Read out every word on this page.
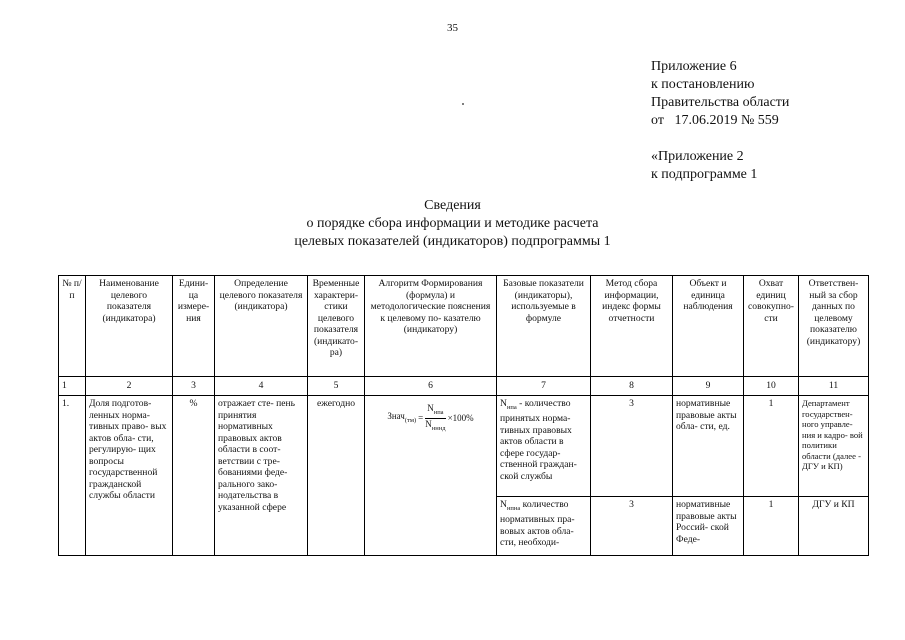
35
Приложение 6
к постановлению
Правительства области
от 17.06.2019 № 559
«Приложение 2
к подпрограмме 1
Сведения
о порядке сбора информации и методике расчета
целевых показателей (индикаторов) подпрограммы 1
№ п/п	Наименование целевого показателя (индикатора)	Едини- ца измере- ния	Определение целевого показателя (индикатора)	Временные характери- стики целевого показателя (индикато- ра)	Алгоритм Формирования (формула) и методологические пояснения к целевому по- казателю (индикатору)	Базовые показатели (индикаторы), используемые в формуле	Метод сбора информации, индекс формы отчетности	Объект и единица наблюдения	Охват единиц совокупно- сти	Ответствен- ный за сбор данных по целевому показателю (индикатору)
1	2	3	4	5	6	7	8	9	10	11
1.	Доля подготов- ленных норма- тивных право- вых актов обла- сти, регулирую- щих вопросы государственной гражданской службы области	%	отражает сте- пень принятия нормативных правовых актов области в соот- ветствии с тре- бованиями феде- рального зако- нодательства в указанной сфере	ежегодно	Знач$_{(тм)}$ = $\frac{N_{нпа}}{N_{нннд}} \times 100\%$	$N_{нпа}$ - количество принятых норма- тивных правовых актов области в сфере государ- ственной граждан- ской службы	3	нормативные правовые акты обла- сти, ед.	1	Департамент государствен- ного управле- ния и кадро- вой политики области (далее - ДГУ и КП)
						$N_{нпна}$ количество нормативных пра- вовых актов обла- сти, необходи-	3	нормативные правовые акты Россий- ской Феде-	1	ДГУ и КП
